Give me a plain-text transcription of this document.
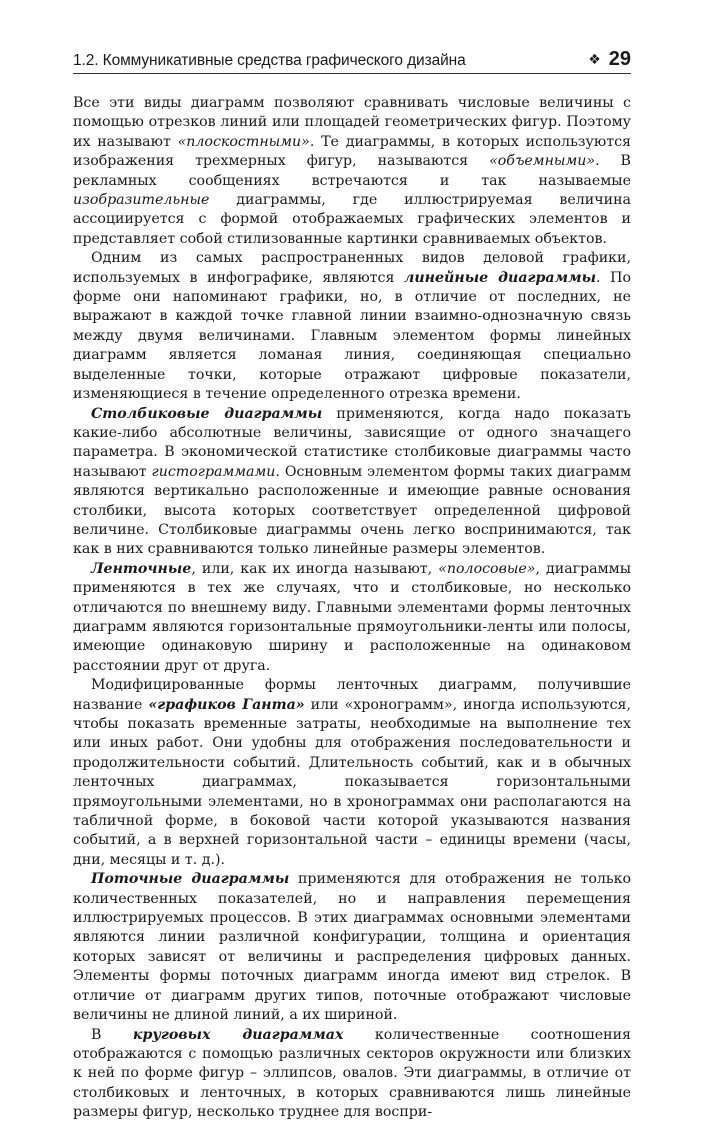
1.2. Коммуникативные средства графического дизайна	❖ 29

Все эти виды диаграмм позволяют сравнивать числовые величины с помощью отрезков линий или площадей геометрических фигур. Поэтому их называют «плоскостными». Те диаграммы, в которых используются изображения трехмерных фигур, называются «объемными». В рекламных сообщениях встречаются и так называемые изобразительные диаграммы, где иллюстрируемая величина ассоциируется с формой отображаемых графических элементов и представляет собой стилизованные картинки сравниваемых объектов.

Одним из самых распространенных видов деловой графики, используемых в инфографике, являются линейные диаграммы. По форме они напоминают графики, но, в отличие от последних, не выражают в каждой точке главной линии взаимно-однозначную связь между двумя величинами. Главным элементом формы линейных диаграмм является ломаная линия, соединяющая специально выделенные точки, которые отражают цифровые показатели, изменяющиеся в течение определенного отрезка времени.

Столбиковые диаграммы применяются, когда надо показать какие-либо абсолютные величины, зависящие от одного значащего параметра. В экономической статистике столбиковые диаграммы часто называют гистограммами. Основным элементом формы таких диаграмм являются вертикально расположенные и имеющие равные основания столбики, высота которых соответствует определенной цифровой величине. Столбиковые диаграммы очень легко воспринимаются, так как в них сравниваются только линейные размеры элементов.

Ленточные, или, как их иногда называют, «полосовые», диаграммы применяются в тех же случаях, что и столбиковые, но несколько отличаются по внешнему виду. Главными элементами формы ленточных диаграмм являются горизонтальные прямоугольники-ленты или полосы, имеющие одинаковую ширину и расположенные на одинаковом расстоянии друг от друга.

Модифицированные формы ленточных диаграмм, получившие название «графиков Ганта» или «хронограмм», иногда используются, чтобы показать временные затраты, необходимые на выполнение тех или иных работ. Они удобны для отображения последовательности и продолжительности событий. Длительность событий, как и в обычных ленточных диаграммах, показывается горизонтальными прямоугольными элементами, но в хронограммах они располагаются на табличной форме, в боковой части которой указываются названия событий, а в верхней горизонтальной части – единицы времени (часы, дни, месяцы и т. д.).

Поточные диаграммы применяются для отображения не только количественных показателей, но и направления перемещения иллюстрируемых процессов. В этих диаграммах основными элементами являются линии различной конфигурации, толщина и ориентация которых зависят от величины и распределения цифровых данных. Элементы формы поточных диаграмм иногда имеют вид стрелок. В отличие от диаграмм других типов, поточные отображают числовые величины не длиной линий, а их шириной.

В круговых диаграммах количественные соотношения отображаются с помощью различных секторов окружности или близких к ней по форме фигур – эллипсов, овалов. Эти диаграммы, в отличие от столбиковых и ленточных, в которых сравниваются лишь линейные размеры фигур, несколько труднее для воспри-
